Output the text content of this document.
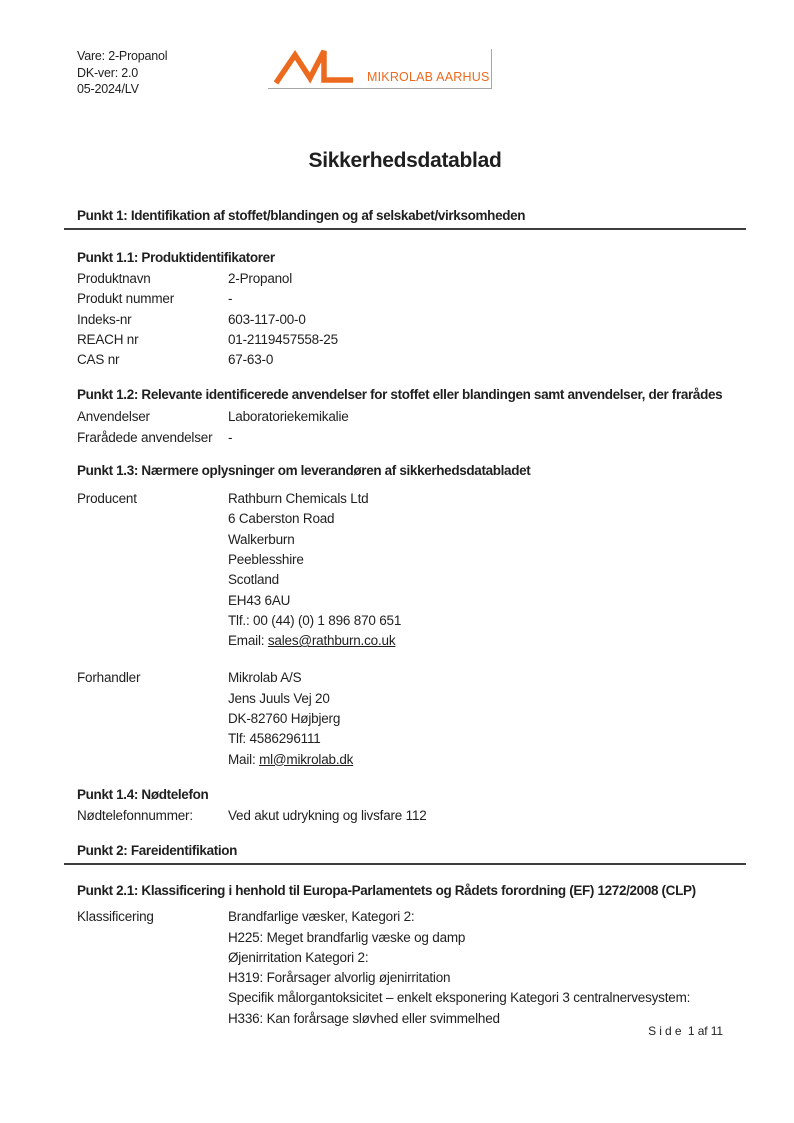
Vare: 2-Propanol
DK-ver: 2.0
05-2024/LV
MIKROLAB AARHUS
Sikkerhedsdatablad
Punkt 1: Identifikation af stoffet/blandingen og af selskabet/virksomheden
Punkt 1.1: Produktidentifikatorer
Produktnavn	2-Propanol
Produkt nummer	-
Indeks-nr	603-117-00-0
REACH nr	01-2119457558-25
CAS nr	67-63-0
Punkt 1.2: Relevante identificerede anvendelser for stoffet eller blandingen samt anvendelser, der frarådes
Anvendelser	Laboratoriekemikalie
Frarådede anvendelser	-
Punkt 1.3: Nærmere oplysninger om leverandøren af sikkerhedsdatabladet
Producent	Rathburn Chemicals Ltd
6 Caberston Road
Walkerburn
Peeblesshire
Scotland
EH43 6AU
Tlf.: 00 (44) (0) 1 896 870 651
Email: sales@rathburn.co.uk
Forhandler	Mikrolab A/S
Jens Juuls Vej 20
DK-82760 Højbjerg
Tlf: 4586296111
Mail: ml@mikrolab.dk
Punkt 1.4: Nødtelefon
Nødtelefonnummer:	Ved akut udrykning og livsfare 112
Punkt 2: Fareidentifikation
Punkt 2.1: Klassificering i henhold til Europa-Parlamentets og Rådets forordning (EF) 1272/2008 (CLP)
Klassificering	Brandfarlige væsker, Kategori 2:
H225: Meget brandfarlig væske og damp
Øjenirritation Kategori 2:
H319: Forårsager alvorlig øjenirritation
Specifik målorgantoksicitet – enkelt eksponering Kategori 3 centralnervesystem:
H336: Kan forårsage sløvhed eller svimmelhed
S i d e  1 af 11
